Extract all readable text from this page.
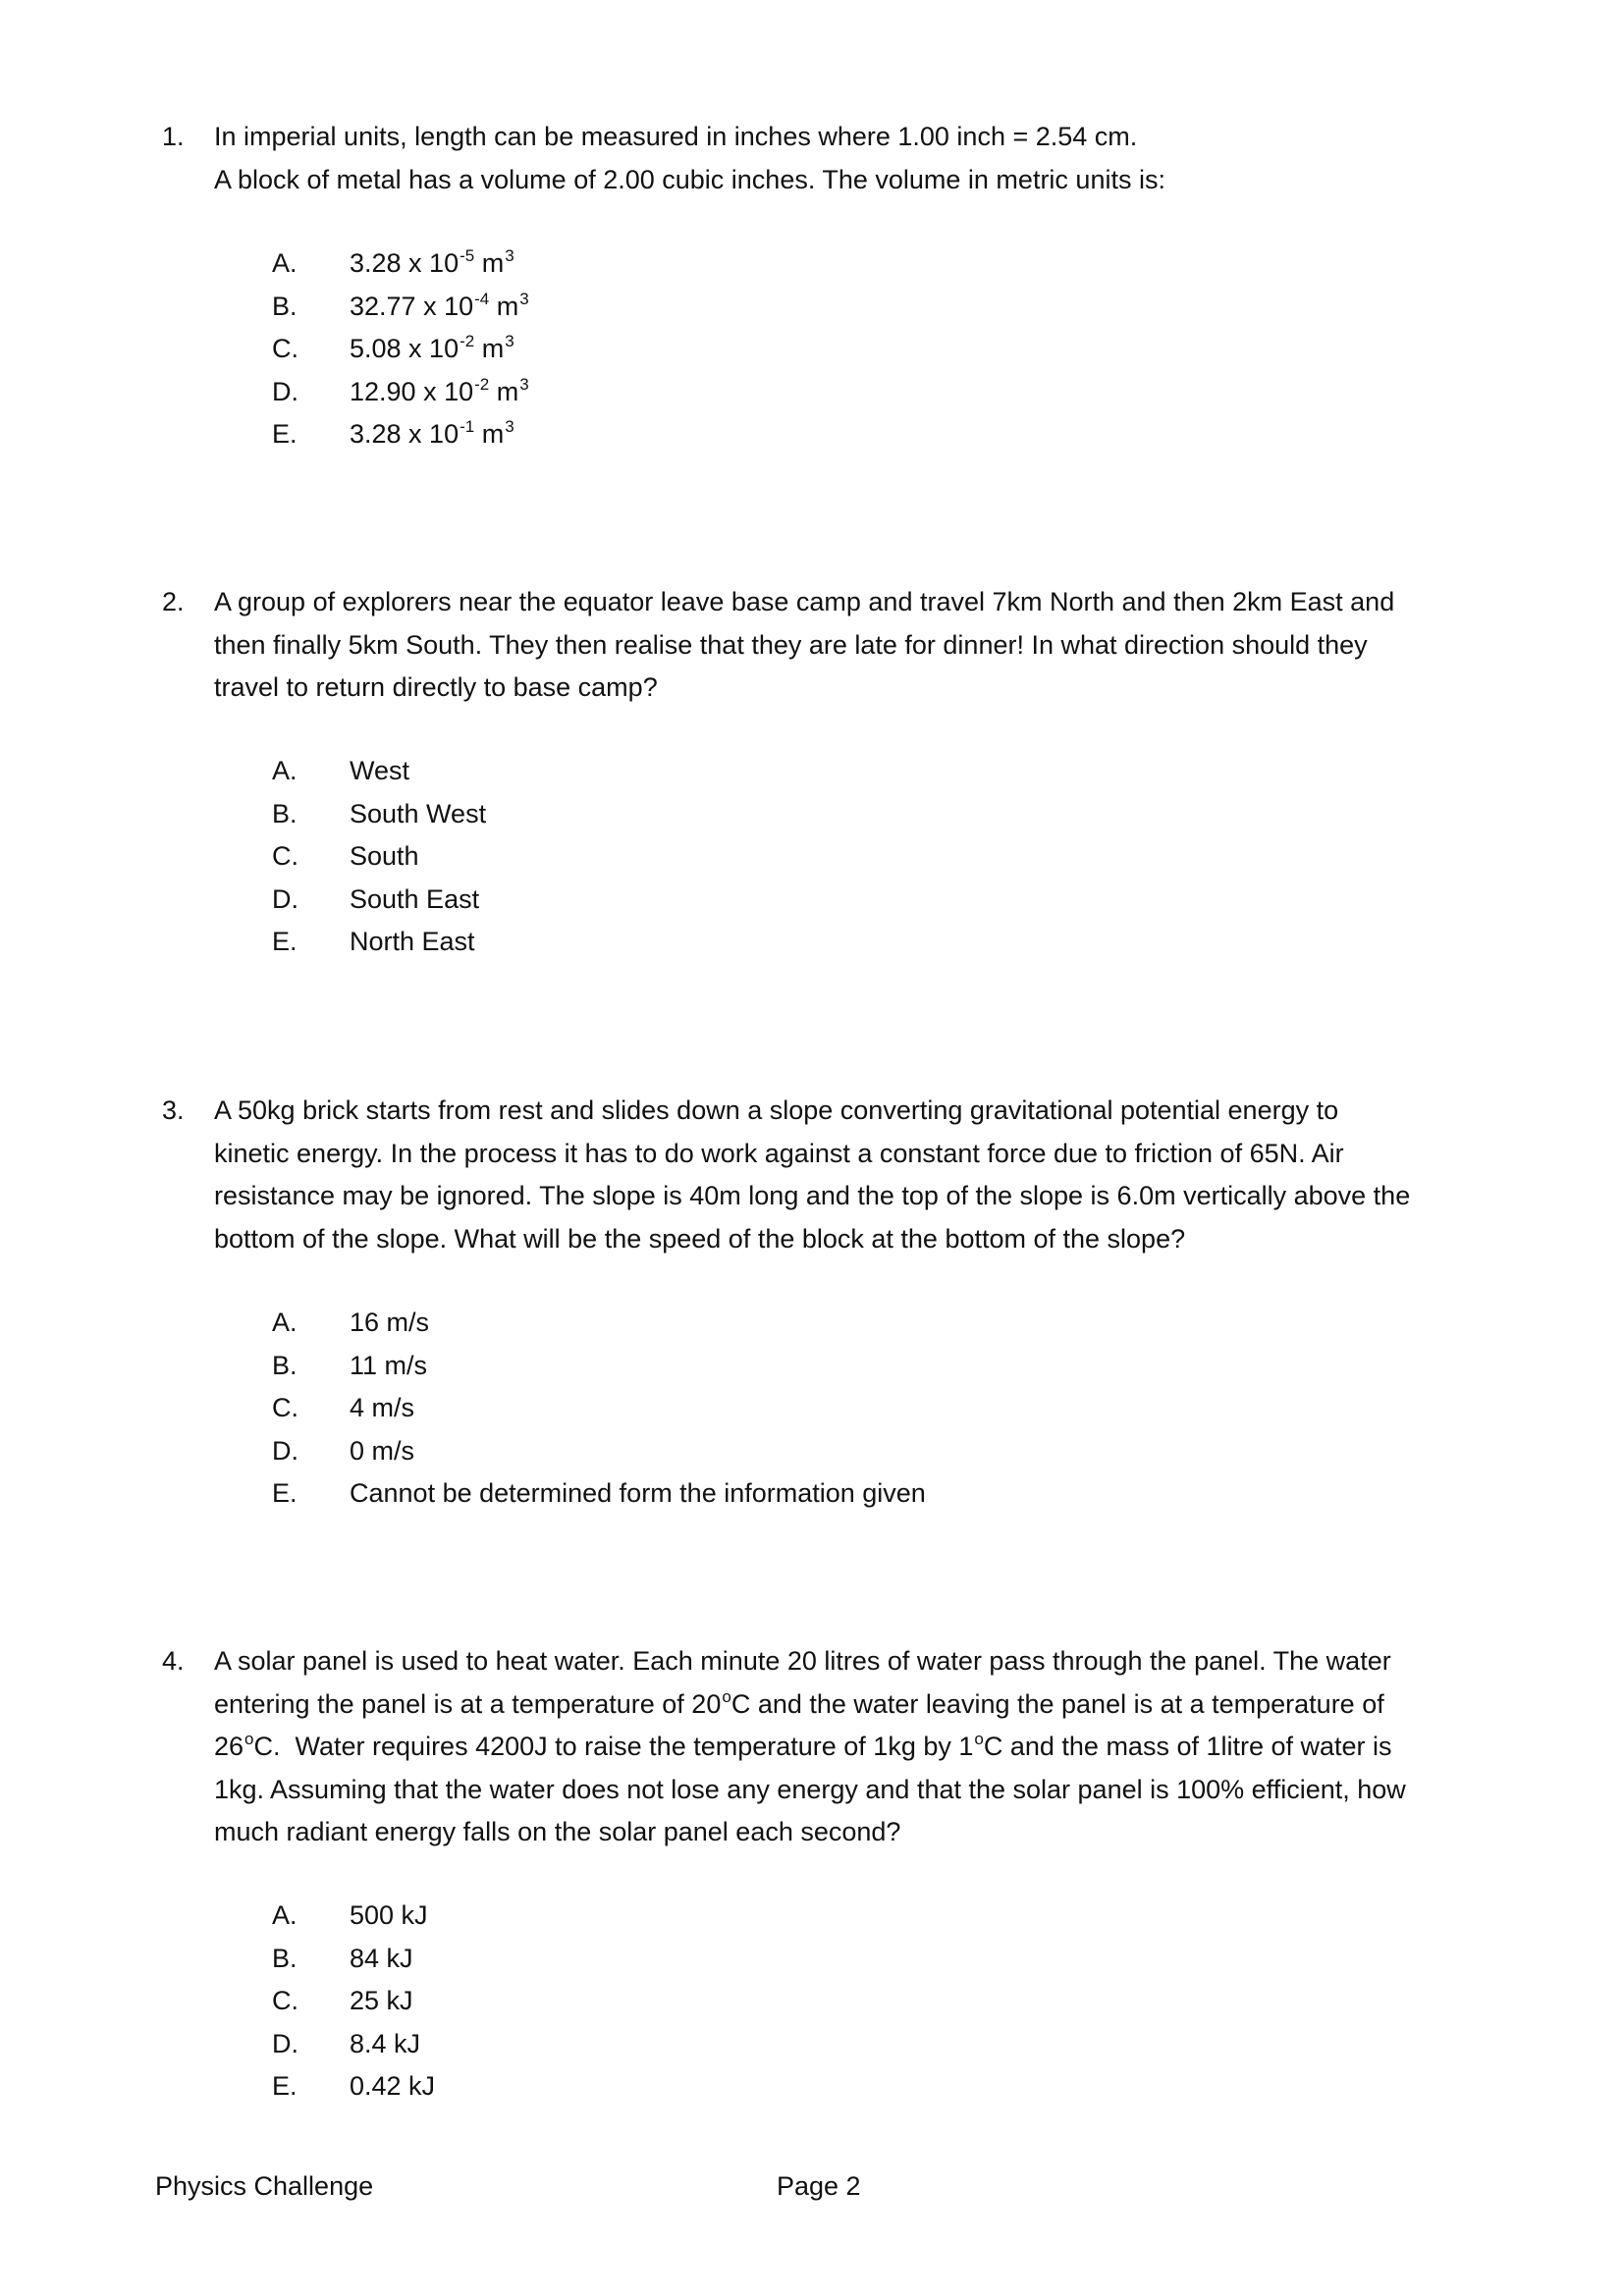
1.	In imperial units, length can be measured in inches where 1.00 inch = 2.54 cm.
A block of metal has a volume of 2.00 cubic inches. The volume in metric units is:
A. 3.28 x $10^{-5}$ $m^3$
B. 32.77 x $10^{-4}$ $m^3$
C. 5.08 x $10^{-2}$ $m^3$
D. 12.90 x $10^{-2}$ $m^3$
E. 3.28 x $10^{-1}$ $m^3$
2.	A group of explorers near the equator leave base camp and travel 7km North and then 2km East and
then finally 5km South. They then realise that they are late for dinner! In what direction should they
travel to return directly to base camp?
A. West
B. South West
C. South
D. South East
E. North East
3.	A 50kg brick starts from rest and slides down a slope converting gravitational potential energy to
kinetic energy. In the process it has to do work against a constant force due to friction of 65N. Air
resistance may be ignored. The slope is 40m long and the top of the slope is 6.0m vertically above the
bottom of the slope. What will be the speed of the block at the bottom of the slope?
A. 16 m/s
B. 11 m/s
C. 4 m/s
D. 0 m/s
E. Cannot be determined form the information given
4.	A solar panel is used to heat water. Each minute 20 litres of water pass through the panel. The water
entering the panel is at a temperature of 20$^o$C and the water leaving the panel is at a temperature of
26$^o$C.  Water requires 4200J to raise the temperature of 1kg by 1$^o$C and the mass of 1litre of water is
1kg. Assuming that the water does not lose any energy and that the solar panel is 100% efficient, how
much radiant energy falls on the solar panel each second?
A. 500 kJ
B. 84 kJ
C. 25 kJ
D. 8.4 kJ
E. 0.42 kJ
Physics Challenge	Page 2
